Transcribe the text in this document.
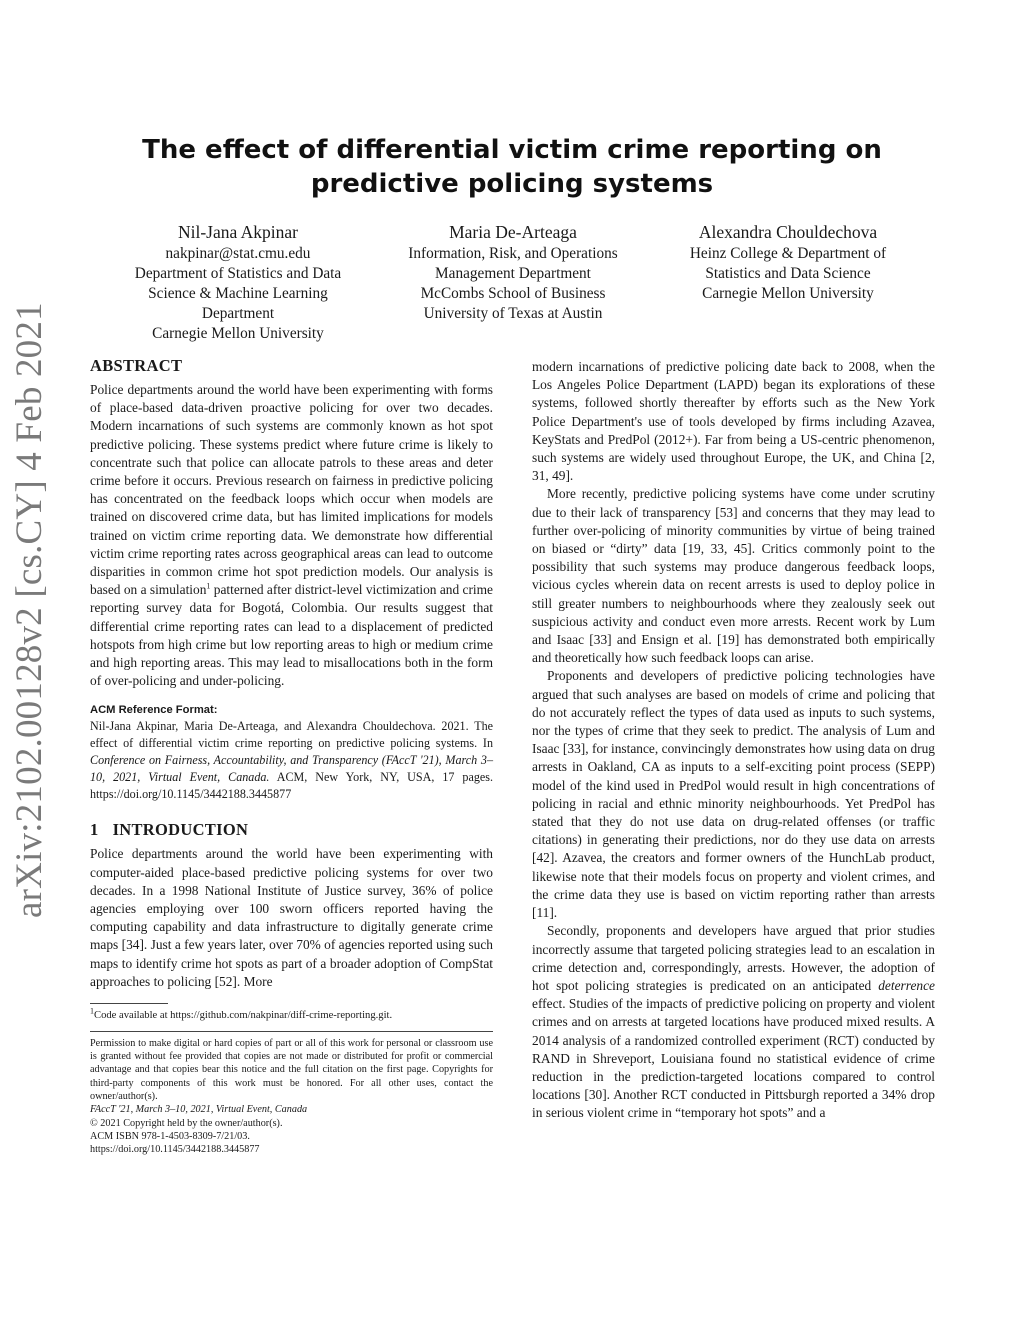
The effect of differential victim crime reporting on predictive policing systems
Nil-Jana Akpinar
nakpinar@stat.cmu.edu
Department of Statistics and Data
Science & Machine Learning
Department
Carnegie Mellon University
Maria De-Arteaga
Information, Risk, and Operations
Management Department
McCombs School of Business
University of Texas at Austin
Alexandra Chouldechova
Heinz College & Department of
Statistics and Data Science
Carnegie Mellon University
arXiv:2102.00128v2 [cs.CY] 4 Feb 2021 ABSTRACT

Police departments around the world have been experimenting with forms of place-based data-driven proactive policing for over two decades. Modern incarnations of such systems are commonly known as hot spot predictive policing. These systems predict where future crime is likely to concentrate such that police can allocate patrols to these areas and deter crime before it occurs. Previous research on fairness in predictive policing has concentrated on the feedback loops which occur when models are trained on discovered crime data, but has limited implications for models trained on victim crime reporting data. We demonstrate how differential victim crime reporting rates across geographical areas can lead to outcome disparities in common crime hot spot prediction models. Our analysis is based on a simulation$^1$ patterned after district-level victimization and crime reporting survey data for Bogotá, Colombia. Our results suggest that differential crime reporting rates can lead to a displacement of predicted hotspots from high crime but low reporting areas to high or medium crime and high reporting areas. This may lead to misallocations both in the form of over-policing and under-policing.

ACM Reference Format:

Nil-Jana Akpinar, Maria De-Arteaga, and Alexandra Chouldechova. 2021. The effect of differential victim crime reporting on predictive policing systems. In Conference on Fairness, Accountability, and Transparency (FAccT '21), March 3–10, 2021, Virtual Event, Canada. ACM, New York, NY, USA, 17 pages. https://doi.org/10.1145/3442188.3445877

1 INTRODUCTION

Police departments around the world have been experimenting with computer-aided place-based predictive policing systems for over two decades. In a 1998 National Institute of Justice survey, 36% of police agencies employing over 100 sworn officers reported having the computing capability and data infrastructure to digitally generate crime maps [34]. Just a few years later, over 70% of agencies reported using such maps to identify crime hot spots as part of a broader adoption of CompStat approaches to policing [52]. More

$^1$Code available at https://github.com/nakpinar/diff-crime-reporting.git.

Permission to make digital or hard copies of part or all of this work for personal or classroom use is granted without fee provided that copies are not made or distributed for profit or commercial advantage and that copies bear this notice and the full citation on the first page. Copyrights for third-party components of this work must be honored. For all other uses, contact the owner/author(s).

FAccT '21, March 3–10, 2021, Virtual Event, Canada

© 2021 Copyright held by the owner/author(s).

ACM ISBN 978-1-4503-8309-7/21/03.

https://doi.org/10.1145/3442188.3445877

modern incarnations of predictive policing date back to 2008, when the Los Angeles Police Department (LAPD) began its explorations of these systems, followed shortly thereafter by efforts such as the New York Police Department's use of tools developed by firms including Azavea, KeyStats and PredPol (2012+). Far from being a US-centric phenomenon, such systems are widely used throughout Europe, the UK, and China [2, 31, 49].

More recently, predictive policing systems have come under scrutiny due to their lack of transparency [53] and concerns that they may lead to further over-policing of minority communities by virtue of being trained on biased or “dirty” data [19, 33, 45]. Critics commonly point to the possibility that such systems may produce dangerous feedback loops, vicious cycles wherein data on recent arrests is used to deploy police in still greater numbers to neighbourhoods where they zealously seek out suspicious activity and conduct even more arrests. Recent work by Lum and Isaac [33] and Ensign et al. [19] has demonstrated both empirically and theoretically how such feedback loops can arise.

Proponents and developers of predictive policing technologies have argued that such analyses are based on models of crime and policing that do not accurately reflect the types of data used as inputs to such systems, nor the types of crime that they seek to predict. The analysis of Lum and Isaac [33], for instance, convincingly demonstrates how using data on drug arrests in Oakland, CA as inputs to a self-exciting point process (SEPP) model of the kind used in PredPol would result in high concentrations of policing in racial and ethnic minority neighbourhoods. Yet PredPol has stated that they do not use data on drug-related offenses (or traffic citations) in generating their predictions, nor do they use data on arrests [42]. Azavea, the creators and former owners of the HunchLab product, likewise note that their models focus on property and violent crimes, and the crime data they use is based on victim reporting rather than arrests [11].

Secondly, proponents and developers have argued that prior studies incorrectly assume that targeted policing strategies lead to an escalation in crime detection and, correspondingly, arrests. However, the adoption of hot spot policing strategies is predicated on an anticipated deterrence effect. Studies of the impacts of predictive policing on property and violent crimes and on arrests at targeted locations have produced mixed results. A 2014 analysis of a randomized controlled experiment (RCT) conducted by RAND in Shreveport, Louisiana found no statistical evidence of crime reduction in the prediction-targeted locations compared to control locations [30]. Another RCT conducted in Pittsburgh reported a 34% drop in serious violent crime in “temporary hot spots” and a
